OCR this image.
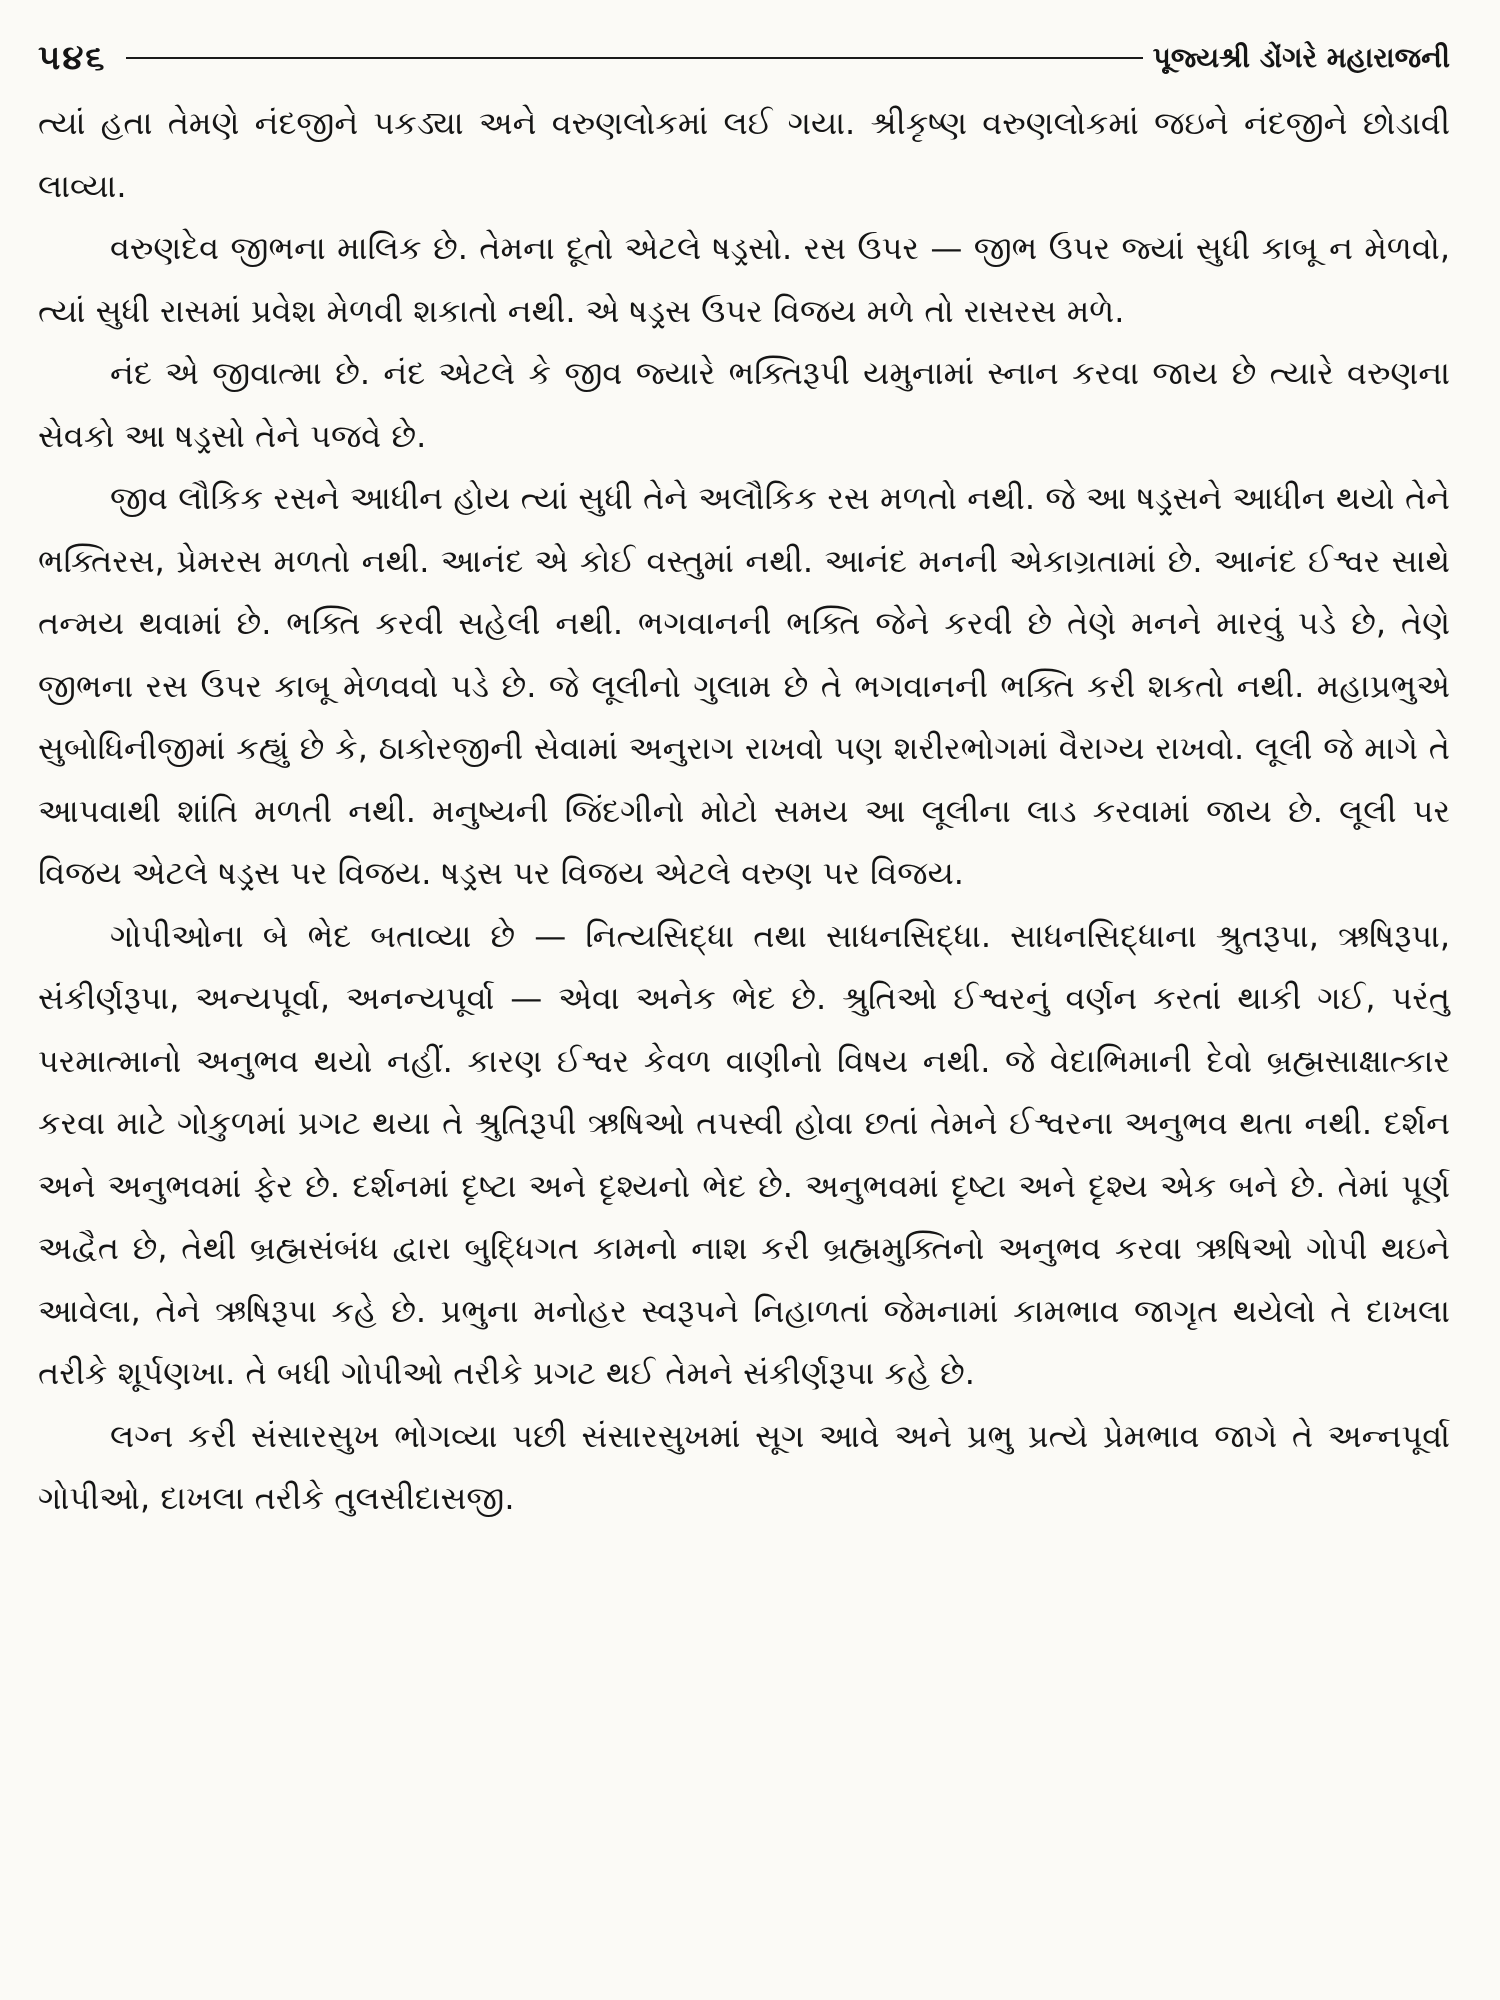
૫૪૬	પૂજ્યશ્રી ડોંગરે મહારાજની

ત્યાં હતા તેમણે નંદજીને પકડ્યા અને વરુણલોકમાં લઈ ગયા. શ્રીકૃષ્ણ વરુણલોકમાં જઇને નંદજીને છોડાવી લાવ્યા.

વરુણદેવ જીભના માલિક છે. તેમના દૂતો એટલે ષડ્રસો. રસ ઉપર — જીભ ઉપર જ્યાં સુધી કાબૂ ન મેળવો, ત્યાં સુધી રાસમાં પ્રવેશ મેળવી શકાતો નથી. એ ષડ્રસ ઉપર વિજય મળે તો રાસરસ મળે.

નંદ એ જીવાત્મા છે. નંદ એટલે કે જીવ જ્યારે ભક્તિરૂપી યમુનામાં સ્નાન કરવા જાય છે ત્યારે વરુણના સેવકો આ ષડ્રસો તેને પજવે છે.

જીવ લૌકિક રસને આધીન હોય ત્યાં સુધી તેને અલૌકિક રસ મળતો નથી. જે આ ષડ્રસને આધીન થયો તેને ભક્તિરસ, પ્રેમરસ મળતો નથી. આનંદ એ કોઈ વસ્તુમાં નથી. આનંદ મનની એકાગ્રતામાં છે. આનંદ ઈશ્વર સાથે તન્મય થવામાં છે. ભક્તિ કરવી સહેલી નથી. ભગવાનની ભક્તિ જેને કરવી છે તેણે મનને મારવું પડે છે, તેણે જીભના રસ ઉપર કાબૂ મેળવવો પડે છે. જે લૂલીનો ગુલામ છે તે ભગવાનની ભક્તિ કરી શકતો નથી. મહાપ્રભુએ સુબોધિનીજીમાં કહ્યું છે કે, ઠાકોરજીની સેવામાં અનુરાગ રાખવો પણ શરીરભોગમાં વૈરાગ્ય રાખવો. લૂલી જે માગે તે આપવાથી શાંતિ મળતી નથી. મનુષ્યની જિંદગીનો મોટો સમય આ લૂલીના લાડ કરવામાં જાય છે. લૂલી પર વિજય એટલે ષડ્રસ પર વિજય. ષડ્રસ પર વિજય એટલે વરુણ પર વિજય.

ગોપીઓના બે ભેદ બતાવ્યા છે — નિત્યસિદ્ધા તથા સાધનસિદ્ધા. સાધનસિદ્ધાના શ્રુતરૂપા, ઋષિરૂપા, સંકીર્ણરૂપા, અન્યપૂર્વા, અનન્યપૂર્વા — એવા અનેક ભેદ છે. શ્રુતિઓ ઈશ્વરનું વર્ણન કરતાં થાકી ગઈ, પરંતુ પરમાત્માનો અનુભવ થયો નહીં. કારણ ઈશ્વર કેવળ વાણીનો વિષય નથી. જે વેદાભિમાની દેવો બ્રહ્મસાક્ષાત્કાર કરવા માટે ગોકુળમાં પ્રગટ થયા તે શ્રુતિરૂપી ઋષિઓ તપસ્વી હોવા છતાં તેમને ઈશ્વરના અનુભવ થતા નથી. દર્શન અને અનુભવમાં ફેર છે. દર્શનમાં દૃષ્ટા અને દૃશ્યનો ભેદ છે. અનુભવમાં દૃષ્ટા અને દૃશ્ય એક બને છે. તેમાં પૂર્ણ અદ્વૈત છે, તેથી બ્રહ્મસંબંધ દ્વારા બુદ્ધિગત કામનો નાશ કરી બ્રહ્મમુક્તિનો અનુભવ કરવા ઋષિઓ ગોપી થઇને આવેલા, તેને ઋષિરૂપા કહે છે. પ્રભુના મનોહર સ્વરૂપને નિહાળતાં જેમનામાં કામભાવ જાગૃત થયેલો તે દાખલા તરીકે શૂર્પણખા. તે બધી ગોપીઓ તરીકે પ્રગટ થઈ તેમને સંકીર્ણરૂપા કહે છે.

લગ્ન કરી સંસારસુખ ભોગવ્યા પછી સંસારસુખમાં સૂગ આવે અને પ્રભુ પ્રત્યે પ્રેમભાવ જાગે તે અન્નપૂર્વા ગોપીઓ, દાખલા તરીકે તુલસીદાસજી.
